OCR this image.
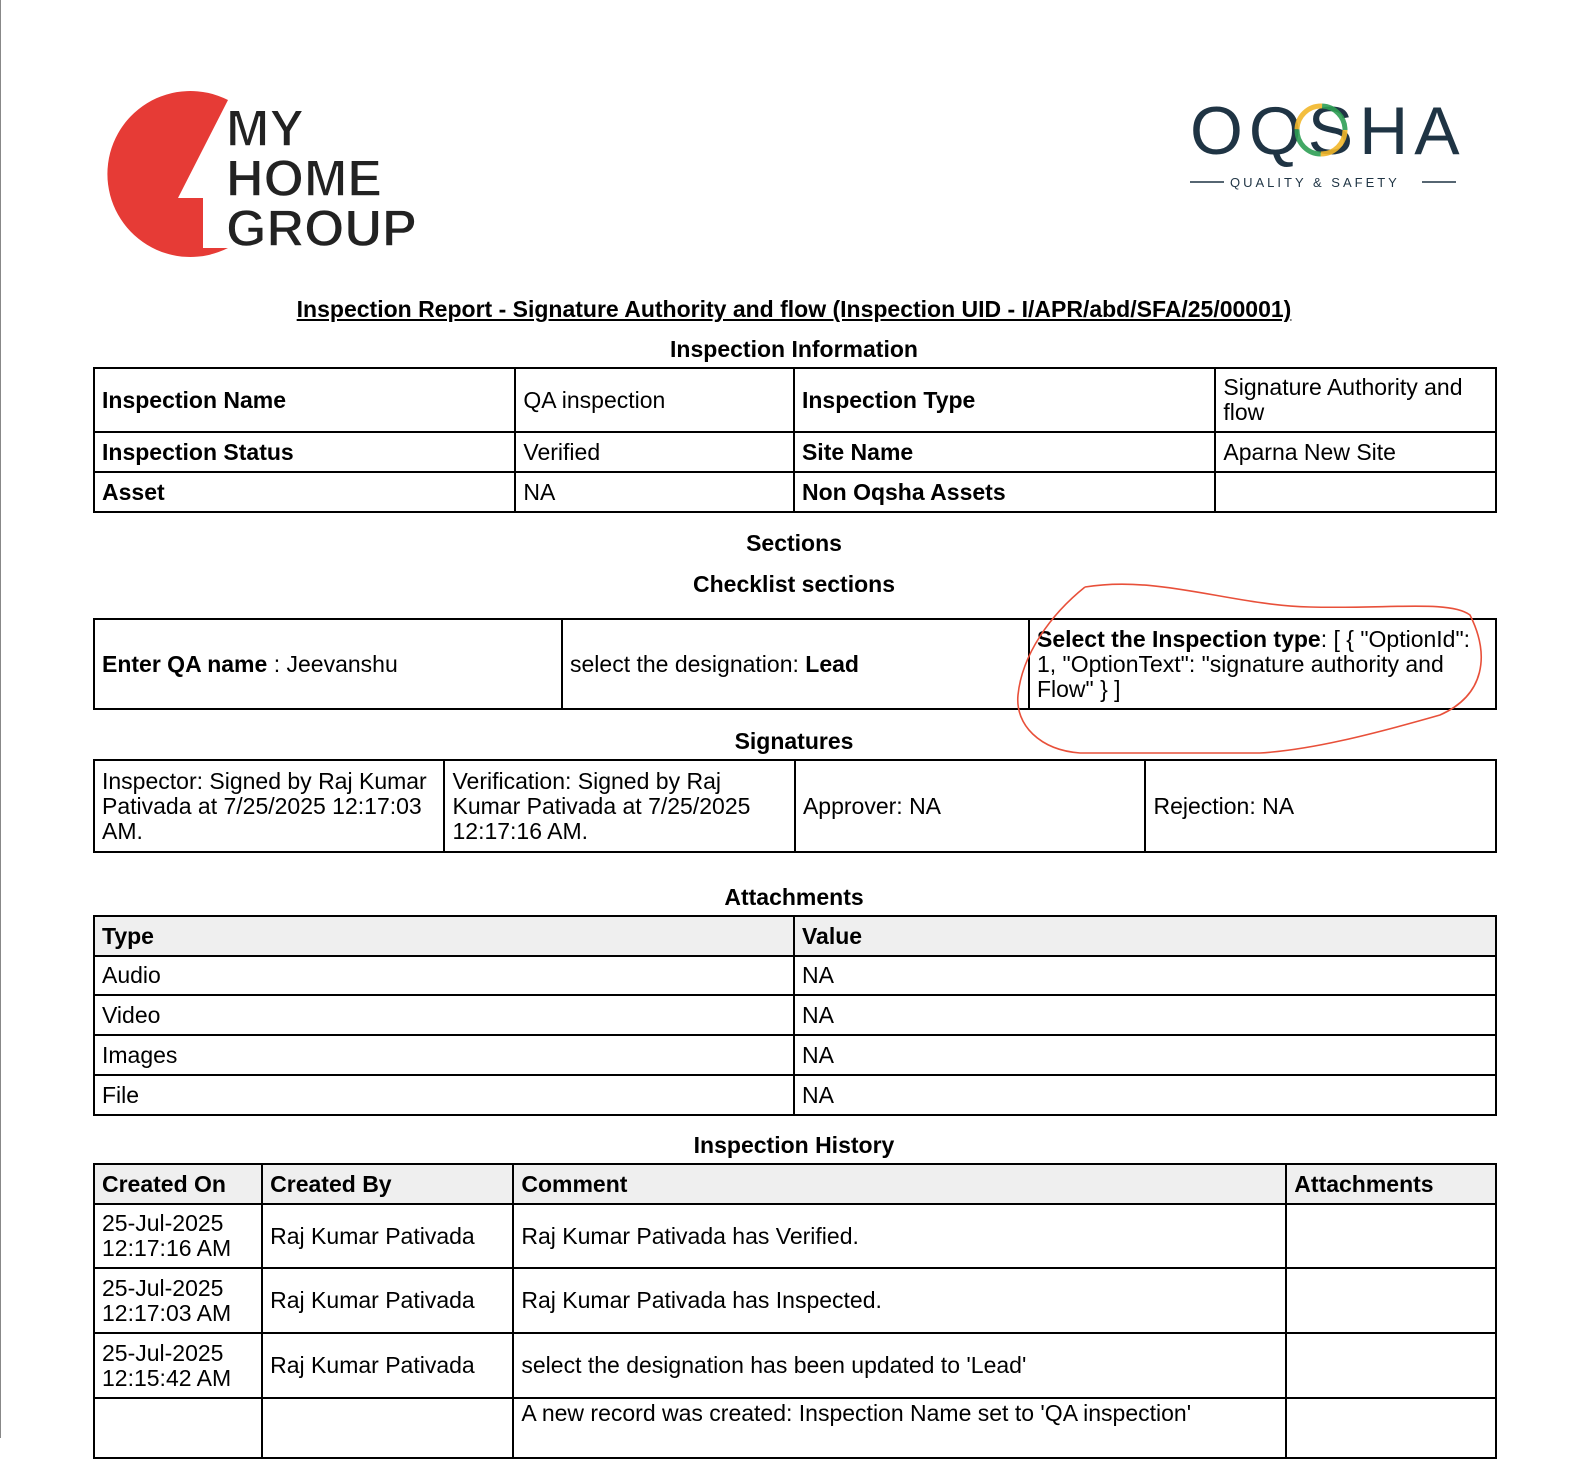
MY
HOME
GROUP
OQSHA
QUALITY & SAFETY
Inspection Report - Signature Authority and flow (Inspection UID - I/APR/abd/SFA/25/00001)
Inspection Information
Inspection Name	QA inspection	Inspection Type	Signature Authority and flow
Inspection Status	Verified	Site Name	Aparna New Site
Asset	NA	Non Oqsha Assets	
Sections
Checklist sections
Enter QA name : Jeevanshu	select the designation: Lead	Select the Inspection type: [ { "OptionId": 1, "OptionText": "signature authority and Flow" } ]
Signatures
Inspector: Signed by Raj Kumar Pativada at 7/25/2025 12:17:03 AM.	Verification: Signed by Raj Kumar Pativada at 7/25/2025 12:17:16 AM.	Approver: NA	Rejection: NA
Attachments
Type	Value
Audio	NA
Video	NA
Images	NA
File	NA
Inspection History
Created On	Created By	Comment	Attachments

25-Jul-2025
12:17:16 AM	Raj Kumar Pativada	Raj Kumar Pativada has Verified.	

25-Jul-2025
12:17:03 AM	Raj Kumar Pativada	Raj Kumar Pativada has Inspected.	

25-Jul-2025
12:15:42 AM	Raj Kumar Pativada	select the designation has been updated to 'Lead'	

		A new record was created: Inspection Name set to 'QA inspection'	
